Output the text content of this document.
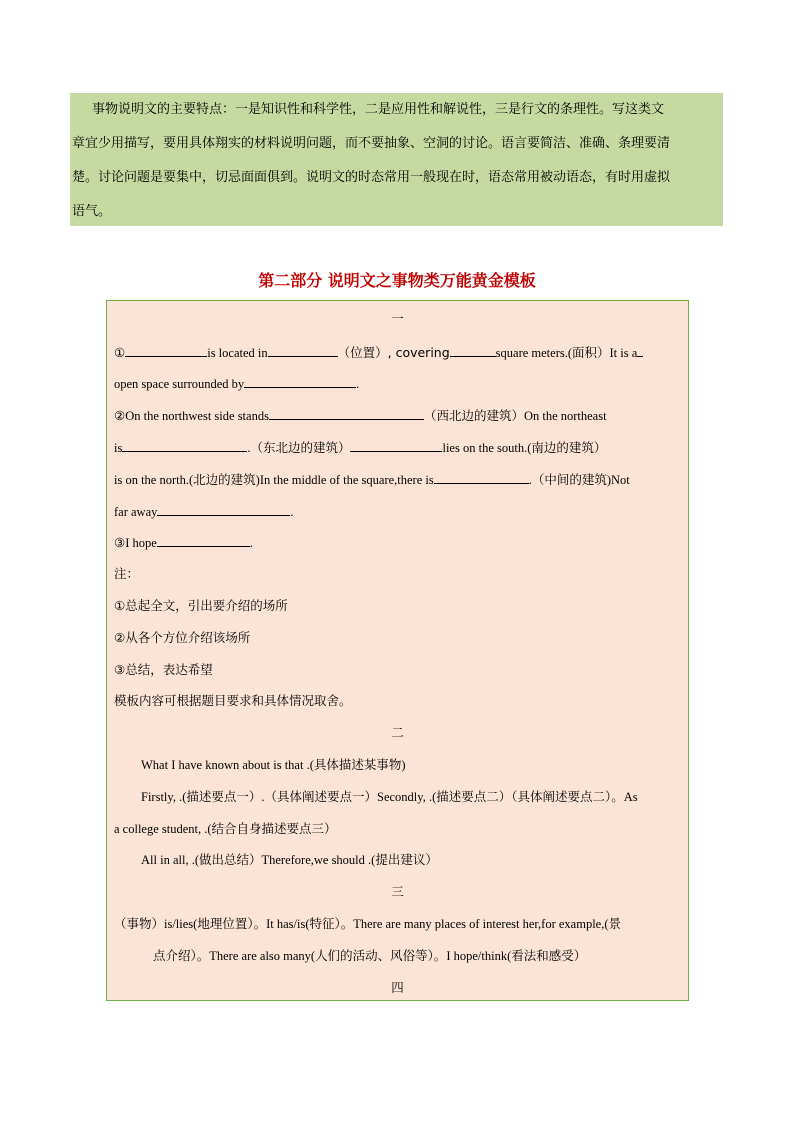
事物说明文的主要特点：一是知识性和科学性，二是应用性和解说性，三是行文的条理性。写这类文
章宜少用描写，要用具体翔实的材料说明问题，而不要抽象、空洞的讨论。语言要简洁、准确、条理要清
楚。讨论问题是要集中，切忌面面俱到。说明文的时态常用一般现在时，语态常用被动语态，有时用虚拟
语气。
第二部分 说明文之事物类万能黄金模板
一
①	is located in	（位置）, covering	square meters.(面积）It is a
open space surrounded by	.
②On the northwest side stands	（西北边的建筑）On the northeast
is	.（东北边的建筑）	lies on the south.(南边的建筑）
is on the north.(北边的建筑)In the middle of the square,there is	.（中间的建筑)Not
far away	.
③I hope	.
注：
①总起全文，引出要介绍的场所
②从各个方位介绍该场所
③总结，表达希望
模板内容可根据题目要求和具体情况取舍。
二
What I have known about is that .(具体描述某事物)
Firstly, .(描述要点一）.（具体阐述要点一）Secondly, .(描述要点二）（具体阐述要点二）。As
a college student, .(结合自身描述要点三）
All in all, .(做出总结）Therefore,we should .(提出建议）
三
（事物）is/lies(地理位置）。It has/is(特征）。There are many places of interest her,for example,(景
点介绍）。There are also many(人们的活动、风俗等）。I hope/think(看法和感受）
四
